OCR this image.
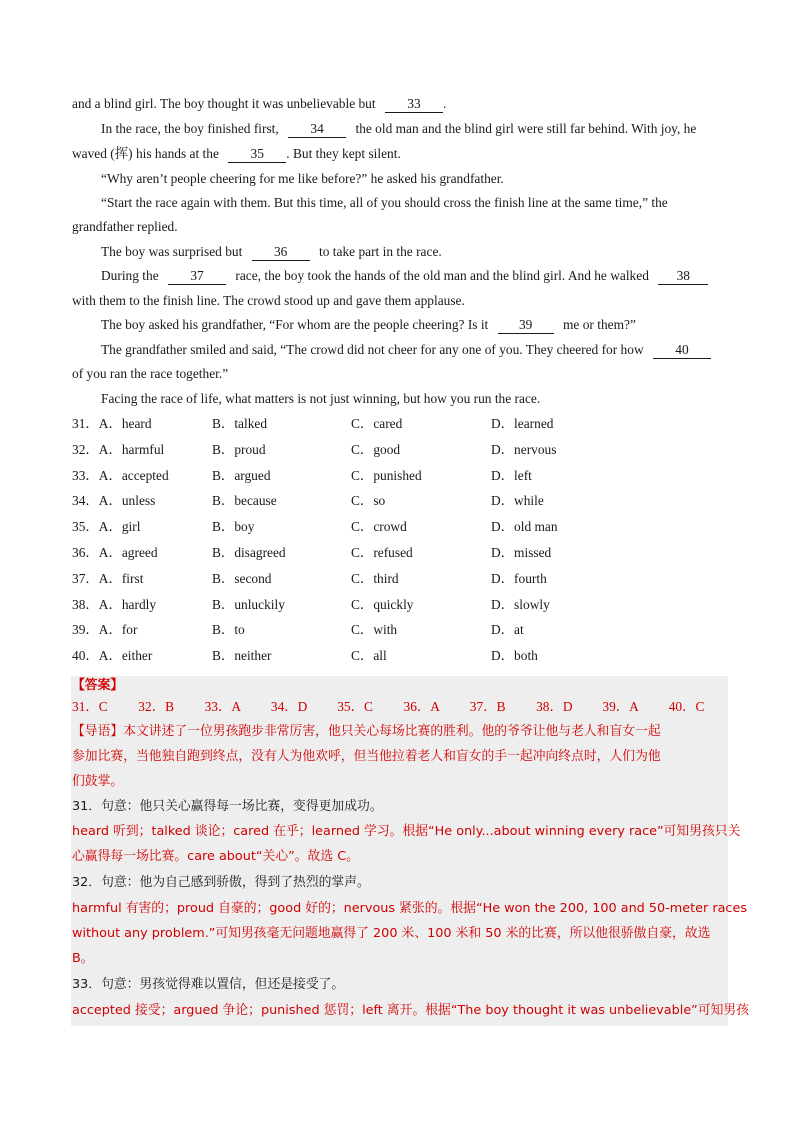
and a blind girl. The boy thought it was unbelievable but 33 .
In the race, the boy finished first, 34 the old man and the blind girl were still far behind. With joy, he
waved (挥) his hands at the 35 . But they kept silent.
“Why aren’t people cheering for me like before?” he asked his grandfather.
“Start the race again with them. But this time, all of you should cross the finish line at the same time,” the
grandfather replied.
The boy was surprised but 36 to take part in the race.
During the 37 race, the boy took the hands of the old man and the blind girl. And he walked 38
with them to the finish line. The crowd stood up and gave them applause.
The boy asked his grandfather, “For whom are the people cheering? Is it 39 me or them?”
The grandfather smiled and said, “The crowd did not cheer for any one of you. They cheered for how 40
of you ran the race together.”
Facing the race of life, what matters is not just winning, but how you run the race.
31．A．heard	B．talked	C．cared	D．learned
32．A．harmful	B．proud	C．good	D．nervous
33．A．accepted	B．argued	C．punished	D．left
34．A．unless	B．because	C．so	D．while
35．A．girl	B．boy	C．crowd	D．old man
36．A．agreed	B．disagreed	C．refused	D．missed
37．A．first	B．second	C．third	D．fourth
38．A．hardly	B．unluckily	C．quickly	D．slowly
39．A．for	B．to	C．with	D．at
40．A．either	B．neither	C．all	D．both
【答案】
31．C 32．B 33．A 34．D 35．C 36．A 37．B 38．D 39．A 40．C
【导语】本文讲述了一位男孩跑步非常厉害，他只关心每场比赛的胜利。他的爷爷让他与老人和盲女一起
参加比赛，当他独自跑到终点，没有人为他欢呼，但当他拉着老人和盲女的手一起冲向终点时，人们为他
们鼓掌。
31．句意：他只关心赢得每一场比赛，变得更加成功。
heard 听到；talked 谈论；cared 在乎；learned 学习。根据“He only...about winning every race”可知男孩只关
心赢得每一场比赛。care about“关心”。故选 C。
32．句意：他为自己感到骄傲，得到了热烈的掌声。
harmful 有害的；proud 自豪的；good 好的；nervous 紧张的。根据“He won the 200, 100 and 50-meter races
without any problem.”可知男孩毫无问题地赢得了 200 米、100 米和 50 米的比赛，所以他很骄傲自豪，故选
B。
33．句意：男孩觉得难以置信，但还是接受了。
accepted 接受；argued 争论；punished 惩罚；left 离开。根据“The boy thought it was unbelievable”可知男孩
